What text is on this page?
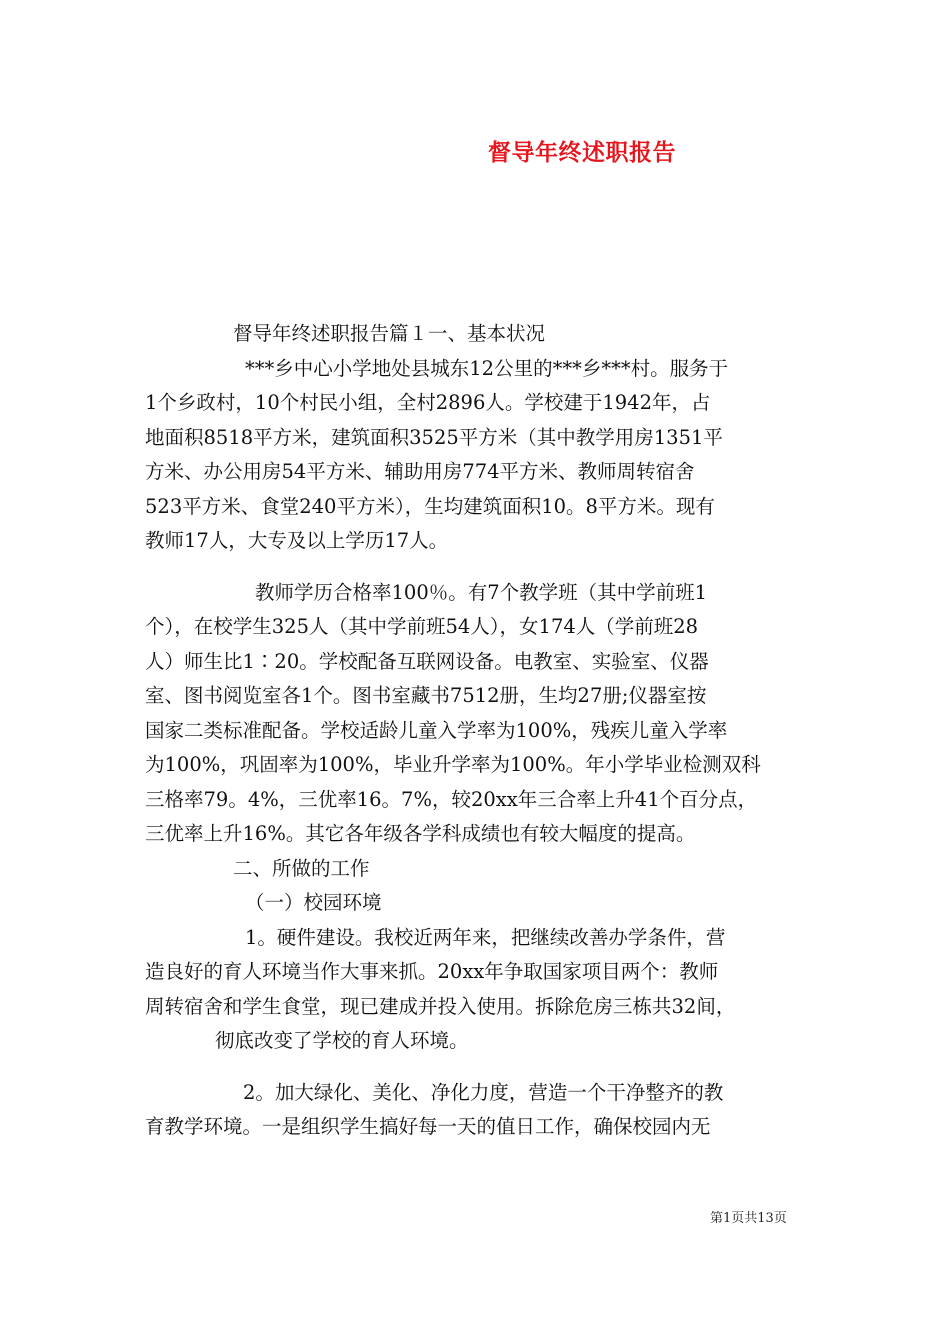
督导年终述职报告
督导年终述职报告篇１一、基本状况
***乡中心小学地处县城东12公里的***乡***村。服务于
1个乡政村，10个村民小组，全村2896人。学校建于1942年，占
地面积8518平方米，建筑面积3525平方米（其中教学用房1351平
方米、办公用房54平方米、辅助用房774平方米、教师周转宿舍
523平方米、食堂240平方米），生均建筑面积10。8平方米。现有
教师17人，大专及以上学历17人。
教师学历合格率100％。有7个教学班（其中学前班1
个），在校学生325人（其中学前班54人），女174人（学前班28
人）师生比1∶20。学校配备互联网设备。电教室、实验室、仪器
室、图书阅览室各1个。图书室藏书7512册，生均27册;仪器室按
国家二类标准配备。学校适龄儿童入学率为100%，残疾儿童入学率
为100%，巩固率为100%，毕业升学率为100%。年小学毕业检测双科
三格率79。4%，三优率16。7%，较20xx年三合率上升41个百分点，
三优率上升16%。其它各年级各学科成绩也有较大幅度的提高。
二、所做的工作
（一）校园环境
1。硬件建设。我校近两年来，把继续改善办学条件，营
造良好的育人环境当作大事来抓。20xx年争取国家项目两个：教师
周转宿舍和学生食堂，现已建成并投入使用。拆除危房三栋共32间，
彻底改变了学校的育人环境。
2。加大绿化、美化、净化力度，营造一个干净整齐的教
育教学环境。一是组织学生搞好每一天的值日工作，确保校园内无
第1页共13页
